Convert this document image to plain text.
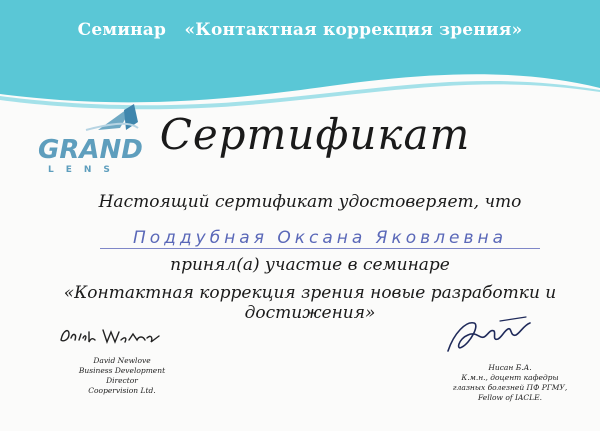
Семинар   «Контактная коррекция зрения»
GRAND
LENS
Сертификат
Настоящий сертификат удостоверяет, что
Поддубная Оксана Яковлевна
принял(а) участие в семинаре
«Контактная коррекция зрения новые разработки и достижения»
David Newlove
Business Development
Director
Coopervision Ltd.
Нисан Б.А.
К.м.н., доцент кафедры
глазных болезней ПФ РГМУ,
Fellow of IACLE.
